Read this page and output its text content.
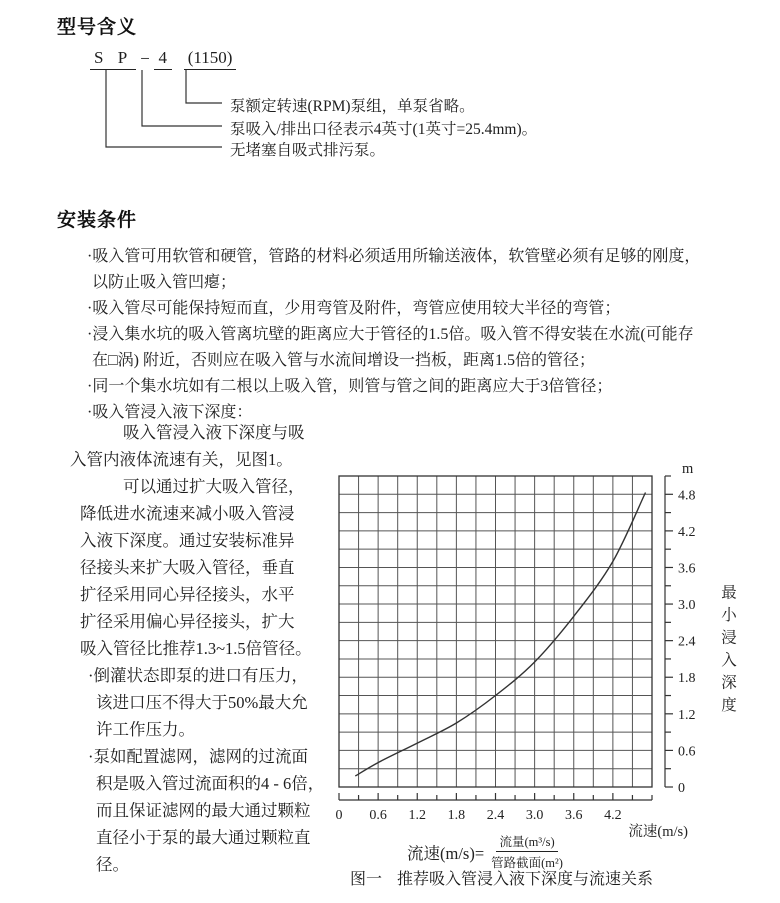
型号含义
S P − 4 (1150)
泵额定转速(RPM)泵组，单泵省略。
泵吸入/排出口径表示4英寸(1英寸=25.4mm)。
无堵塞自吸式排污泵。
安装条件
·吸入管可用软管和硬管，管路的材料必须适用所输送液体，软管壁必须有足够的刚度，
以防止吸入管凹瘪；
·吸入管尽可能保持短而直，少用弯管及附件，弯管应使用较大半径的弯管；
·浸入集水坑的吸入管离坑壁的距离应大于管径的1.5倍。吸入管不得安装在水流(可能存
在□涡) 附近，否则应在吸入管与水流间增设一挡板，距离1.5倍的管径；
·同一个集水坑如有二根以上吸入管，则管与管之间的距离应大于3倍管径；
·吸入管浸入液下深度：
吸入管浸入液下深度与吸
入管内液体流速有关，见图1。
可以通过扩大吸入管径，
降低进水流速来减小吸入管浸
入液下深度。通过安装标准异
径接头来扩大吸入管径，垂直
扩径采用同心异径接头，水平
扩径采用偏心异径接头，扩大
吸入管径比推荐1.3~1.5倍管径。
·倒灌状态即泵的进口有压力，
该进口压不得大于50%最大允
许工作压力。
·泵如配置滤网，滤网的过流面
积是吸入管过流面积的4 - 6倍，
而且保证滤网的最大通过颗粒
直径小于泵的最大通过颗粒直
径。
0 0.6 1.2 1.8 2.4 3.0 3.6 4.2
流速(m/s)
0
0.6
1.2
1.8
2.4
3.0
3.6
4.2
4.8
m
最小浸入深度
流速$(m/s)= \frac{\text{流量(m³/s)}}{\text{管路截面(m²)}}$
图一 推荐吸入管浸入液下深度与流速关系
